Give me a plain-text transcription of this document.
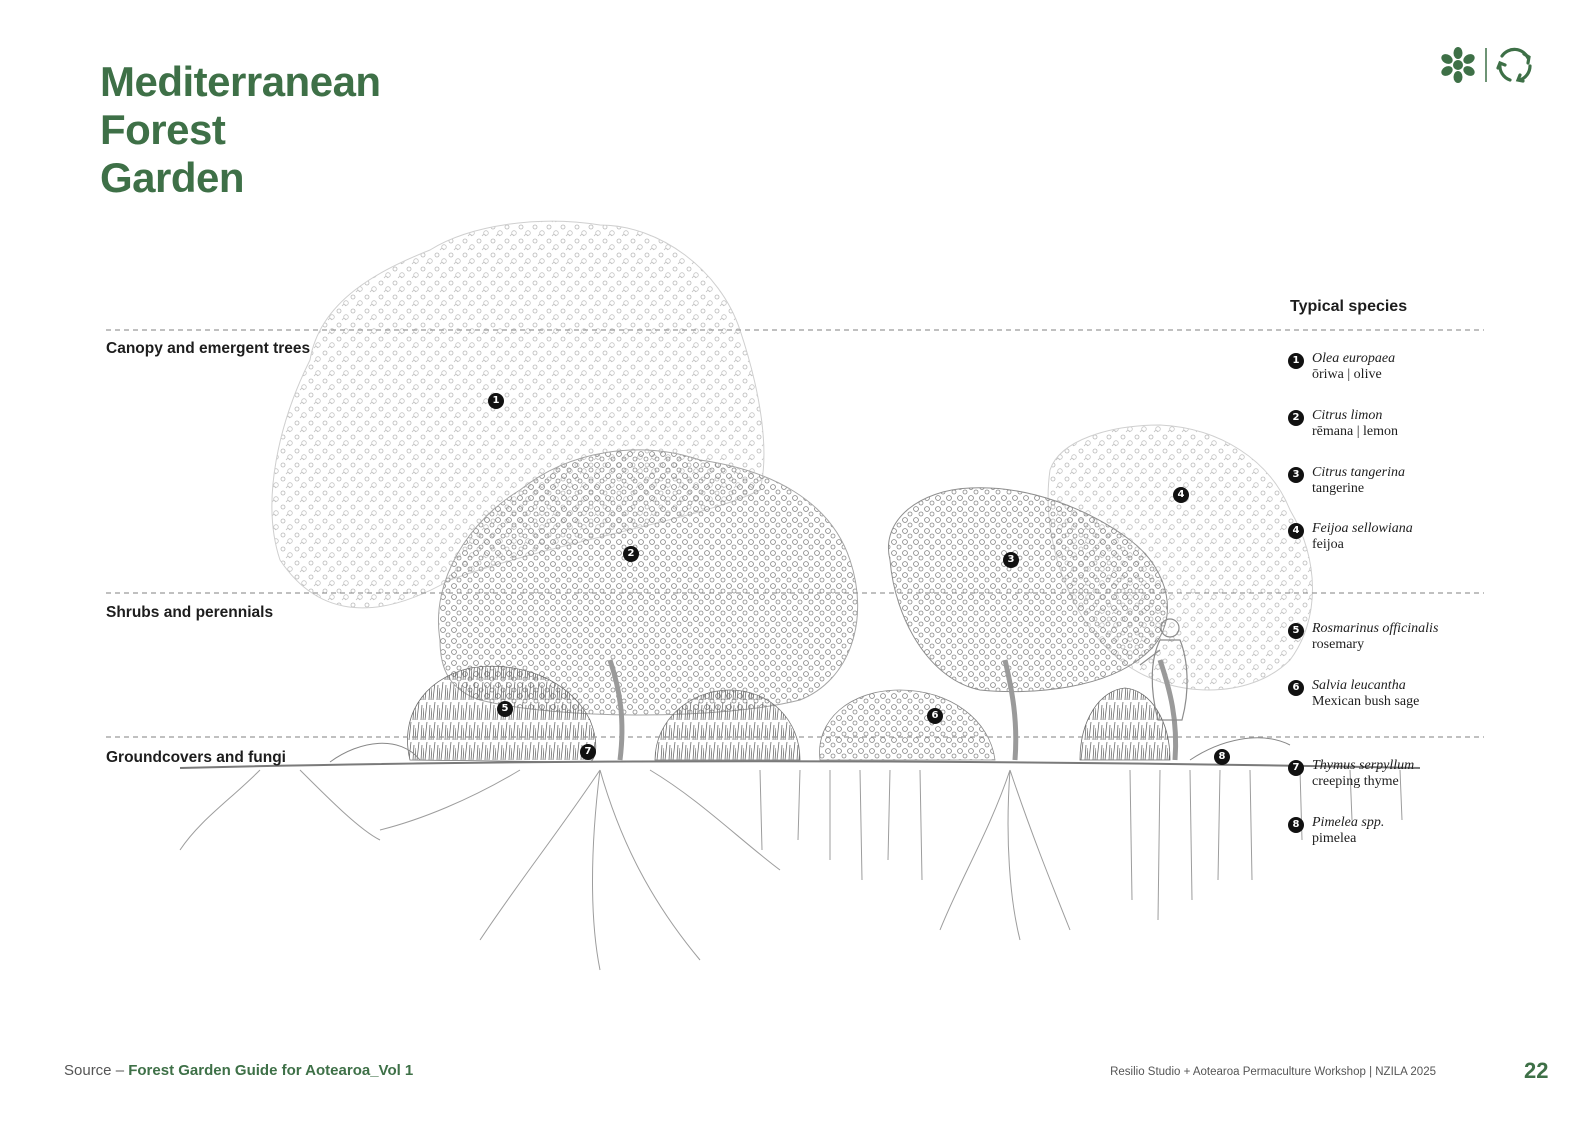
Mediterranean
Forest
Garden
Canopy and emergent trees
Shrubs and perennials
Groundcovers and fungi
1
2
3
4
5
6
7	8
Typical species
1 Olea europaea
ōriwa | olive
2 Citrus limon
rēmana | lemon
3 Citrus tangerina
tangerine
4 Feijoa sellowiana
feijoa
5 Rosmarinus officinalis
rosemary
6 Salvia leucantha
Mexican bush sage
7 Thymus serpyllum
creeping thyme
8 Pimelea spp.
pimelea
Source – Forest Garden Guide for Aotearoa_Vol 1	Resilio Studio + Aotearoa Permaculture Workshop | NZILA 2025	22
